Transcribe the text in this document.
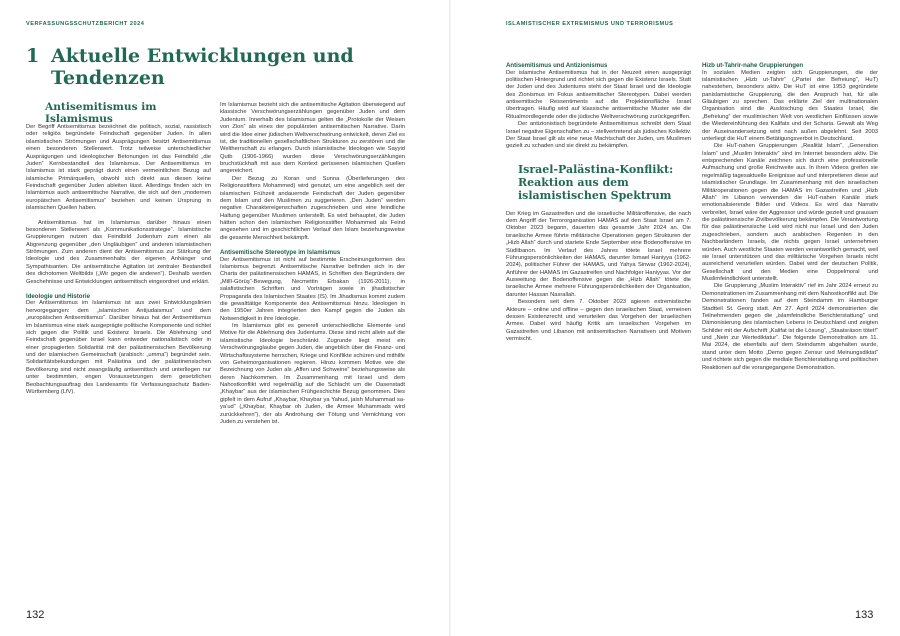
VERFASSUNGSSCHUTZBERICHT 2024	ISLAMISTISCHER EXTREMISMUS UND TERRORISMUS
1 Aktuelle Entwicklungen und Tendenzen
Antisemitismus im Islamismus

Der Begriff Antisemitismus bezeichnet die politisch, sozial, rassistisch oder religiös begründete Feindschaft gegenüber Juden. In allen islamistischen Strömungen und Ausprägungen besitzt Antisemitismus einen besonderen Stellenwert. Trotz teilweise unterschiedlicher Ausprägungen und ideologischer Betonungen ist das Feindbild „die Juden“ Kernbestandteil des Islamismus. Der Antisemitismus im Islamismus ist stark geprägt durch einen vermeintlichen Bezug auf islamische Primärquellen, obwohl sich direkt aus diesen keine Feindschaft gegenüber Juden ableiten lässt. Allerdings finden sich im Islamismus auch antisemitische Narrative, die sich auf den „modernen europäischen Antisemitismus“ beziehen und keinen Ursprung in islamischen Quellen haben.

Antisemitismus hat im Islamismus darüber hinaus einen besonderen Stellenwert als „Kommunikationsstrategie“. Islamistische Gruppierungen nutzen das Feindbild Judentum zum einen als Abgrenzung gegenüber „den Ungläubigen“ und anderen islamistischen Strömungen. Zum anderen dient der Antisemitismus zur Stärkung der Ideologie und des Zusammenhalts der eigenen Anhänger und Sympathisanten. Die antisemitische Agitation ist zentraler Bestandteil des dichotomen Weltbilds („Wir gegen die anderen“). Deshalb werden Geschehnisse und Entwicklungen antisemitisch eingeordnet und erklärt.

Ideologie und Historie

Der Antisemitismus im Islamismus ist aus zwei Entwicklungslinien hervorgegangen: dem „islamischen Antijudaismus“ und dem „europäischen Antisemitismus“. Darüber hinaus hat der Antisemitismus im Islamismus eine stark ausgeprägte politische Komponente und richtet sich gegen die Politik und Existenz Israels. Die Ablehnung und Feindschaft gegenüber Israel kann entweder nationalistisch oder in einer propagierten Solidarität mit der palästinensischen Bevölkerung und der islamischen Gemeinschaft (arabisch: „umma“) begründet sein. Solidaritätsbekundungen mit Palästina und der palästinensischen Bevölkerung sind nicht zwangsläufig antisemitisch und unterliegen nur unter bestimmten, engen Voraussetzungen dem gesetzlichen Beobachtungsauftrag des Landesamts für Verfassungsschutz Baden-Württemberg (LfV).

Im Islamismus bezieht sich die antisemitische Agitation überwiegend auf klassische Verschwörungserzählungen gegenüber Juden und dem Judentum. Innerhalb des Islamismus gelten die „Protokolle der Weisen von Zion“ als eines der populärsten antisemitischen Narrative. Darin wird die Idee einer jüdischen Weltverschwörung entwickelt, deren Ziel es ist, die traditionellen gesellschaftlichen Strukturen zu zerstören und die Weltherrschaft zu erlangen. Durch islamistische Ideologen wie Sayyid Qutb (1906-1966) wurden diese Verschwörungserzählungen bruchstückhaft mit aus dem Kontext gerissenen islamischen Quellen angereichert.

Der Bezug zu Koran und Sunna (Überlieferungen des Religionsstifters Mohammed) wird genutzt, um eine angeblich seit der islamischen Frühzeit andauernde Feindschaft der Juden gegenüber dem Islam und den Muslimen zu suggerieren. „Den Juden“ werden negative Charaktereigenschaften zugeschrieben und eine feindliche Haltung gegenüber Muslimen unterstellt. Es wird behauptet, die Juden hätten schon den islamischen Religionsstifter Mohammed als Feind angesehen und im geschichtlichen Verlauf den Islam beziehungsweise die gesamte Menschheit bekämpft.

Antisemitische Stereotype im Islamismus

Der Antisemitismus ist nicht auf bestimmte Erscheinungsformen des Islamismus begrenzt. Antisemitische Narrative befinden sich in der Charta der palästinensischen HAMAS, in Schriften des Begründers der „Millî-Görüş“-Bewegung, Necmettin Erbakan (1926-2011), in salafistischen Schriften und Vorträgen sowie in jihadistischer Propaganda des Islamischen Staates (IS). Im Jihadismus kommt zudem die gewalttätige Komponente des Antisemitismus hinzu. Ideologen in den 1950er Jahren integrierten den Kampf gegen die Juden als Notwendigkeit in ihre Ideologie.

Im Islamismus gibt es generell unterschiedliche Elemente und Motive für die Ablehnung des Judentums. Diese sind nicht allein auf die islamistische Ideologie beschränkt. Zugrunde liegt meist ein Verschwörungsglaube gegen Juden, die angeblich über die Finanz- und Wirtschaftssysteme herrschen, Kriege und Konflikte schüren und mithilfe von Geheimorganisationen regieren. Hinzu kommen Motive wie die Bezeichnung von Juden als „Affen und Schweine“ beziehungsweise als deren Nachkommen. Im Zusammenhang mit Israel und dem Nahostkonflikt wird regelmäßig auf die Schlacht um die Oasenstadt „Khaybar“ aus der islamischen Frühgeschichte Bezug genommen. Dies gipfelt in dem Aufruf „Khaybar, Khaybar ya Yahud, jaish Muhammad sa-ya’ud“ („Khaybar, Khaybar oh Juden, die Armee Muhammads wird zurückkehren“), der als Androhung der Tötung und Vernichtung von Juden zu verstehen ist.

Antisemitismus und Antizionismus

Der islamische Antisemitismus hat in der Neuzeit einen ausgeprägt politischen Hintergrund und richtet sich gegen die Existenz Israels. Statt der Juden und des Judentums steht der Staat Israel und die Ideologie des Zionismus im Fokus antisemitischer Stereotypen. Dabei werden antisemitische Ressentiments auf die Projektionsfläche Israel übertragen. Häufig wird auf klassische antisemitische Muster wie die Ritualmordlegende oder die jüdische Weltverschwörung zurückgegriffen.

Der antizionistisch begründete Antisemitismus schreibt dem Staat Israel negative Eigenschaften zu – stellvertretend als jüdisches Kollektiv. Der Staat Israel gilt als eine neue Machtschaft der Juden, um Muslimen gezielt zu schaden und sie direkt zu bekämpfen.

Israel-Palästina-Konflikt: Reaktion aus dem islamistischen Spektrum

Der Krieg im Gazastreifen und die israelische Militäroffensive, die nach dem Angriff der Terrororganisation HAMAS auf den Staat Israel am 7. Oktober 2023 begann, dauerten das gesamte Jahr 2024 an. Die israelische Armee führte militärische Operationen gegen Strukturen der „Hizb Allah“ durch und startete Ende September eine Bodenoffensive im Südlibanon. Im Verlauf des Jahres tötete Israel mehrere Führungspersönlichkeiten der HAMAS, darunter Ismael Haniyya (1962-2024), politischer Führer der HAMAS, und Yahya Sinwar (1962-2024), Anführer der HAMAS im Gazastreifen und Nachfolger Haniyyas. Vor der Ausweitung der Bodenoffensive gegen die „Hizb Allah“ tötete die israelische Armee mehrere Führungspersönlichkeiten der Organisation, darunter Hassan Nasrallah.

Besonders seit dem 7. Oktober 2023 agieren extremistische Akteure – online und offline – gegen den israelischen Staat, verneinen dessen Existenzrecht und verurteilen das Vorgehen der israelischen Armee. Dabei wird häufig Kritik am israelischen Vorgehen im Gazastreifen und Libanon mit antisemitischen Narrativen und Motiven vermischt.

Hizb ut-Tahrir-nahe Gruppierungen

In sozialen Medien zeigten sich Gruppierungen, die der islamistischen „Hizb ut-Tahrir“ („Partei der Befreiung“, HuT) nahestehen, besonders aktiv. Die HuT ist eine 1953 gegründete panislamistische Gruppierung, die den Anspruch hat, für alle Gläubigen zu sprechen. Das erklärte Ziel der multinationalen Organisation sind die Auslöschung des Staates Israel, die „Befreiung“ der muslimischen Welt von westlichen Einflüssen sowie die Wiedereinführung des Kalifats und der Scharia. Gewalt als Weg der Auseinandersetzung wird nach außen abgelehnt. Seit 2003 unterliegt die HuT einem Betätigungsverbot in Deutschland.

Die HuT-nahen Gruppierungen „Realität Islam“, „Generation Islam“ und „Muslim Interaktiv“ sind im Internet besonders aktiv. Die entsprechenden Kanäle zeichnen sich durch eine professionelle Aufmachung und große Reichweite aus. In ihren Videos greifen sie regelmäßig tagesaktuelle Ereignisse auf und interpretieren diese auf islamistischer Grundlage. Im Zusammenhang mit den israelischen Militäroperationen gegen die HAMAS im Gazastreifen und „Hizb Allah“ im Libanon verwenden die HuT-nahen Kanäle stark emotionalisierende Bilder und Videos. Es wird das Narrativ verbreitet, Israel wäre der Aggressor und würde gezielt und grausam die palästinensische Zivilbevölkerung bekämpfen. Die Verantwortung für das palästinensische Leid wird nicht nur Israel und den Juden zugeschrieben, sondern auch arabischen Regenten in den Nachbarländern Israels, die nichts gegen Israel unternehmen würden. Auch westliche Staaten werden verantwortlich gemacht, weil sie Israel unterstützen und das militärische Vorgehen Israels nicht ausreichend verurteilen würden. Dabei wird der deutschen Politik, Gesellschaft und den Medien eine Doppelmoral und Muslimfeindlichkeit unterstellt.

Die Gruppierung „Muslim Interaktiv“ rief im Jahr 2024 erneut zu Demonstrationen im Zusammenhang mit dem Nahostkonflikt auf. Die Demonstrationen fanden auf dem Steindamm im Hamburger Stadtteil St. Georg statt. Am 27. April 2024 demonstrierten die Teilnehmenden gegen die „islamfeindliche Berichterstattung“ und Dämonisierung des islamischen Lebens in Deutschland und zeigten Schilder mit der Aufschrift „Kalifat ist die Lösung“, „Staatsräson tötet!“ und „Nein zur Wertediktatur“. Die folgende Demonstration am 11. Mai 2024, die ebenfalls auf dem Steindamm abgehalten wurde, stand unter dem Motto „Demo gegen Zensur und Meinungsdiktat“ und richtete sich gegen die mediale Berichterstattung und politischen Reaktionen auf die vorangegangene Demonstration.

132	133
